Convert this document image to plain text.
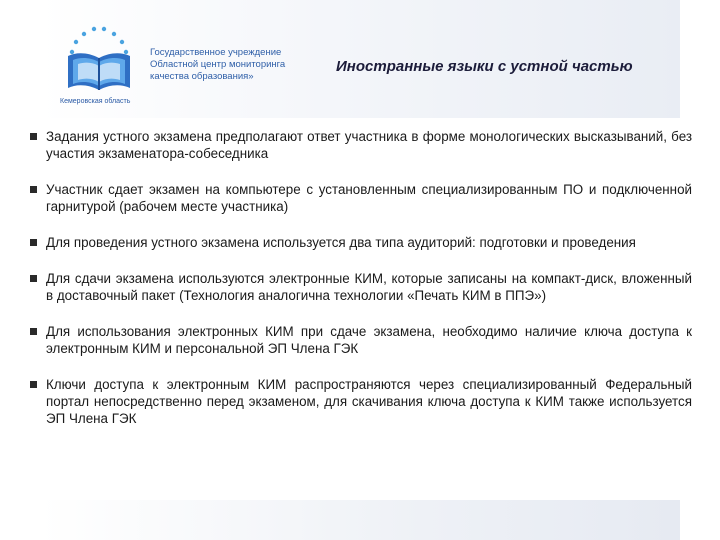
Кемеровская область
Государственное учреждение
Областной центр мониторинга
качества образования»
Иностранные языки с устной частью
Задания устного экзамена предполагают ответ участника в форме монологических высказываний, без участия экзаменатора-собеседника
Участник сдает экзамен на компьютере с установленным специализированным ПО и подключенной гарнитурой (рабочем месте участника)
Для проведения устного экзамена используется два типа аудиторий: подготовки и проведения
Для сдачи экзамена используются электронные КИМ, которые записаны на компакт-диск, вложенный в доставочный пакет (Технология аналогична технологии «Печать КИМ в ППЭ»)
Для использования электронных КИМ при сдаче экзамена, необходимо наличие ключа доступа к электронным КИМ и персональной ЭП Члена ГЭК
Ключи доступа к электронным КИМ распространяются через специализированный Федеральный портал непосредственно перед экзаменом, для скачивания ключа доступа к КИМ также используется ЭП Члена ГЭК
